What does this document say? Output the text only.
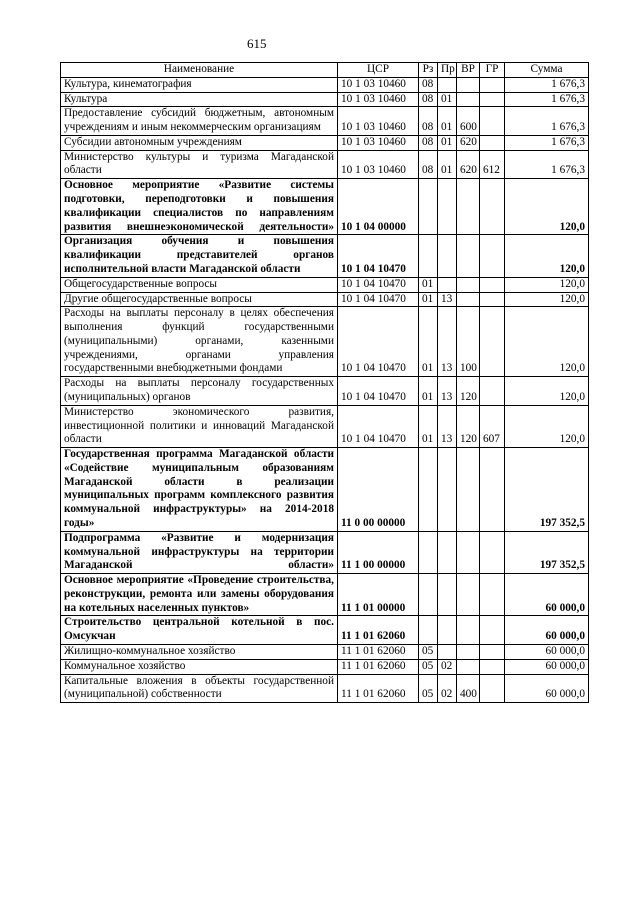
615
Наименование	ЦСР	Рз	Пр	ВР	ГР	Сумма
Культура, кинематография	10 1 03 10460	08				1 676,3
Культура	10 1 03 10460	08	01			1 676,3
Предоставление субсидий бюджетным, автономным учреждениям и иным некоммерческим организациям	10 1 03 10460	08	01	600		1 676,3
Субсидии автономным учреждениям	10 1 03 10460	08	01	620		1 676,3
Министерство культуры и туризма Магаданской области	10 1 03 10460	08	01	620	612	1 676,3
Основное мероприятие «Развитие системы подготовки, переподготовки и повышения квалификации специалистов по направлениям развития внешнеэкономической деятельности»	10 1 04 00000					120,0
Организация обучения и повышения квалификации представителей органов исполнительной власти Магаданской области	10 1 04 10470					120,0
Общегосударственные вопросы	10 1 04 10470	01				120,0
Другие общегосударственные вопросы	10 1 04 10470	01	13			120,0
Расходы на выплаты персоналу в целях обеспечения выполнения функций государственными (муниципальными) органами, казенными учреждениями, органами управления государственными внебюджетными фондами	10 1 04 10470	01	13	100		120,0
Расходы на выплаты персоналу государственных (муниципальных) органов	10 1 04 10470	01	13	120		120,0
Министерство экономического развития, инвестиционной политики и инноваций Магаданской области	10 1 04 10470	01	13	120	607	120,0
Государственная программа Магаданской области «Содействие муниципальным образованиям Магаданской области в реализации муниципальных программ комплексного развития коммунальной инфраструктуры» на 2014-2018 годы»	11 0 00 00000					197 352,5
Подпрограмма «Развитие и модернизация коммунальной инфраструктуры на территории Магаданской области»	11 1 00 00000					197 352,5
Основное мероприятие «Проведение строительства, реконструкции, ремонта или замены оборудования на котельных населенных пунктов»	11 1 01 00000					60 000,0
Строительство центральной котельной в пос. Омсукчан	11 1 01 62060					60 000,0
Жилищно-коммунальное хозяйство	11 1 01 62060	05				60 000,0
Коммунальное хозяйство	11 1 01 62060	05	02			60 000,0
Капитальные вложения в объекты государственной (муниципальной) собственности	11 1 01 62060	05	02	400		60 000,0
